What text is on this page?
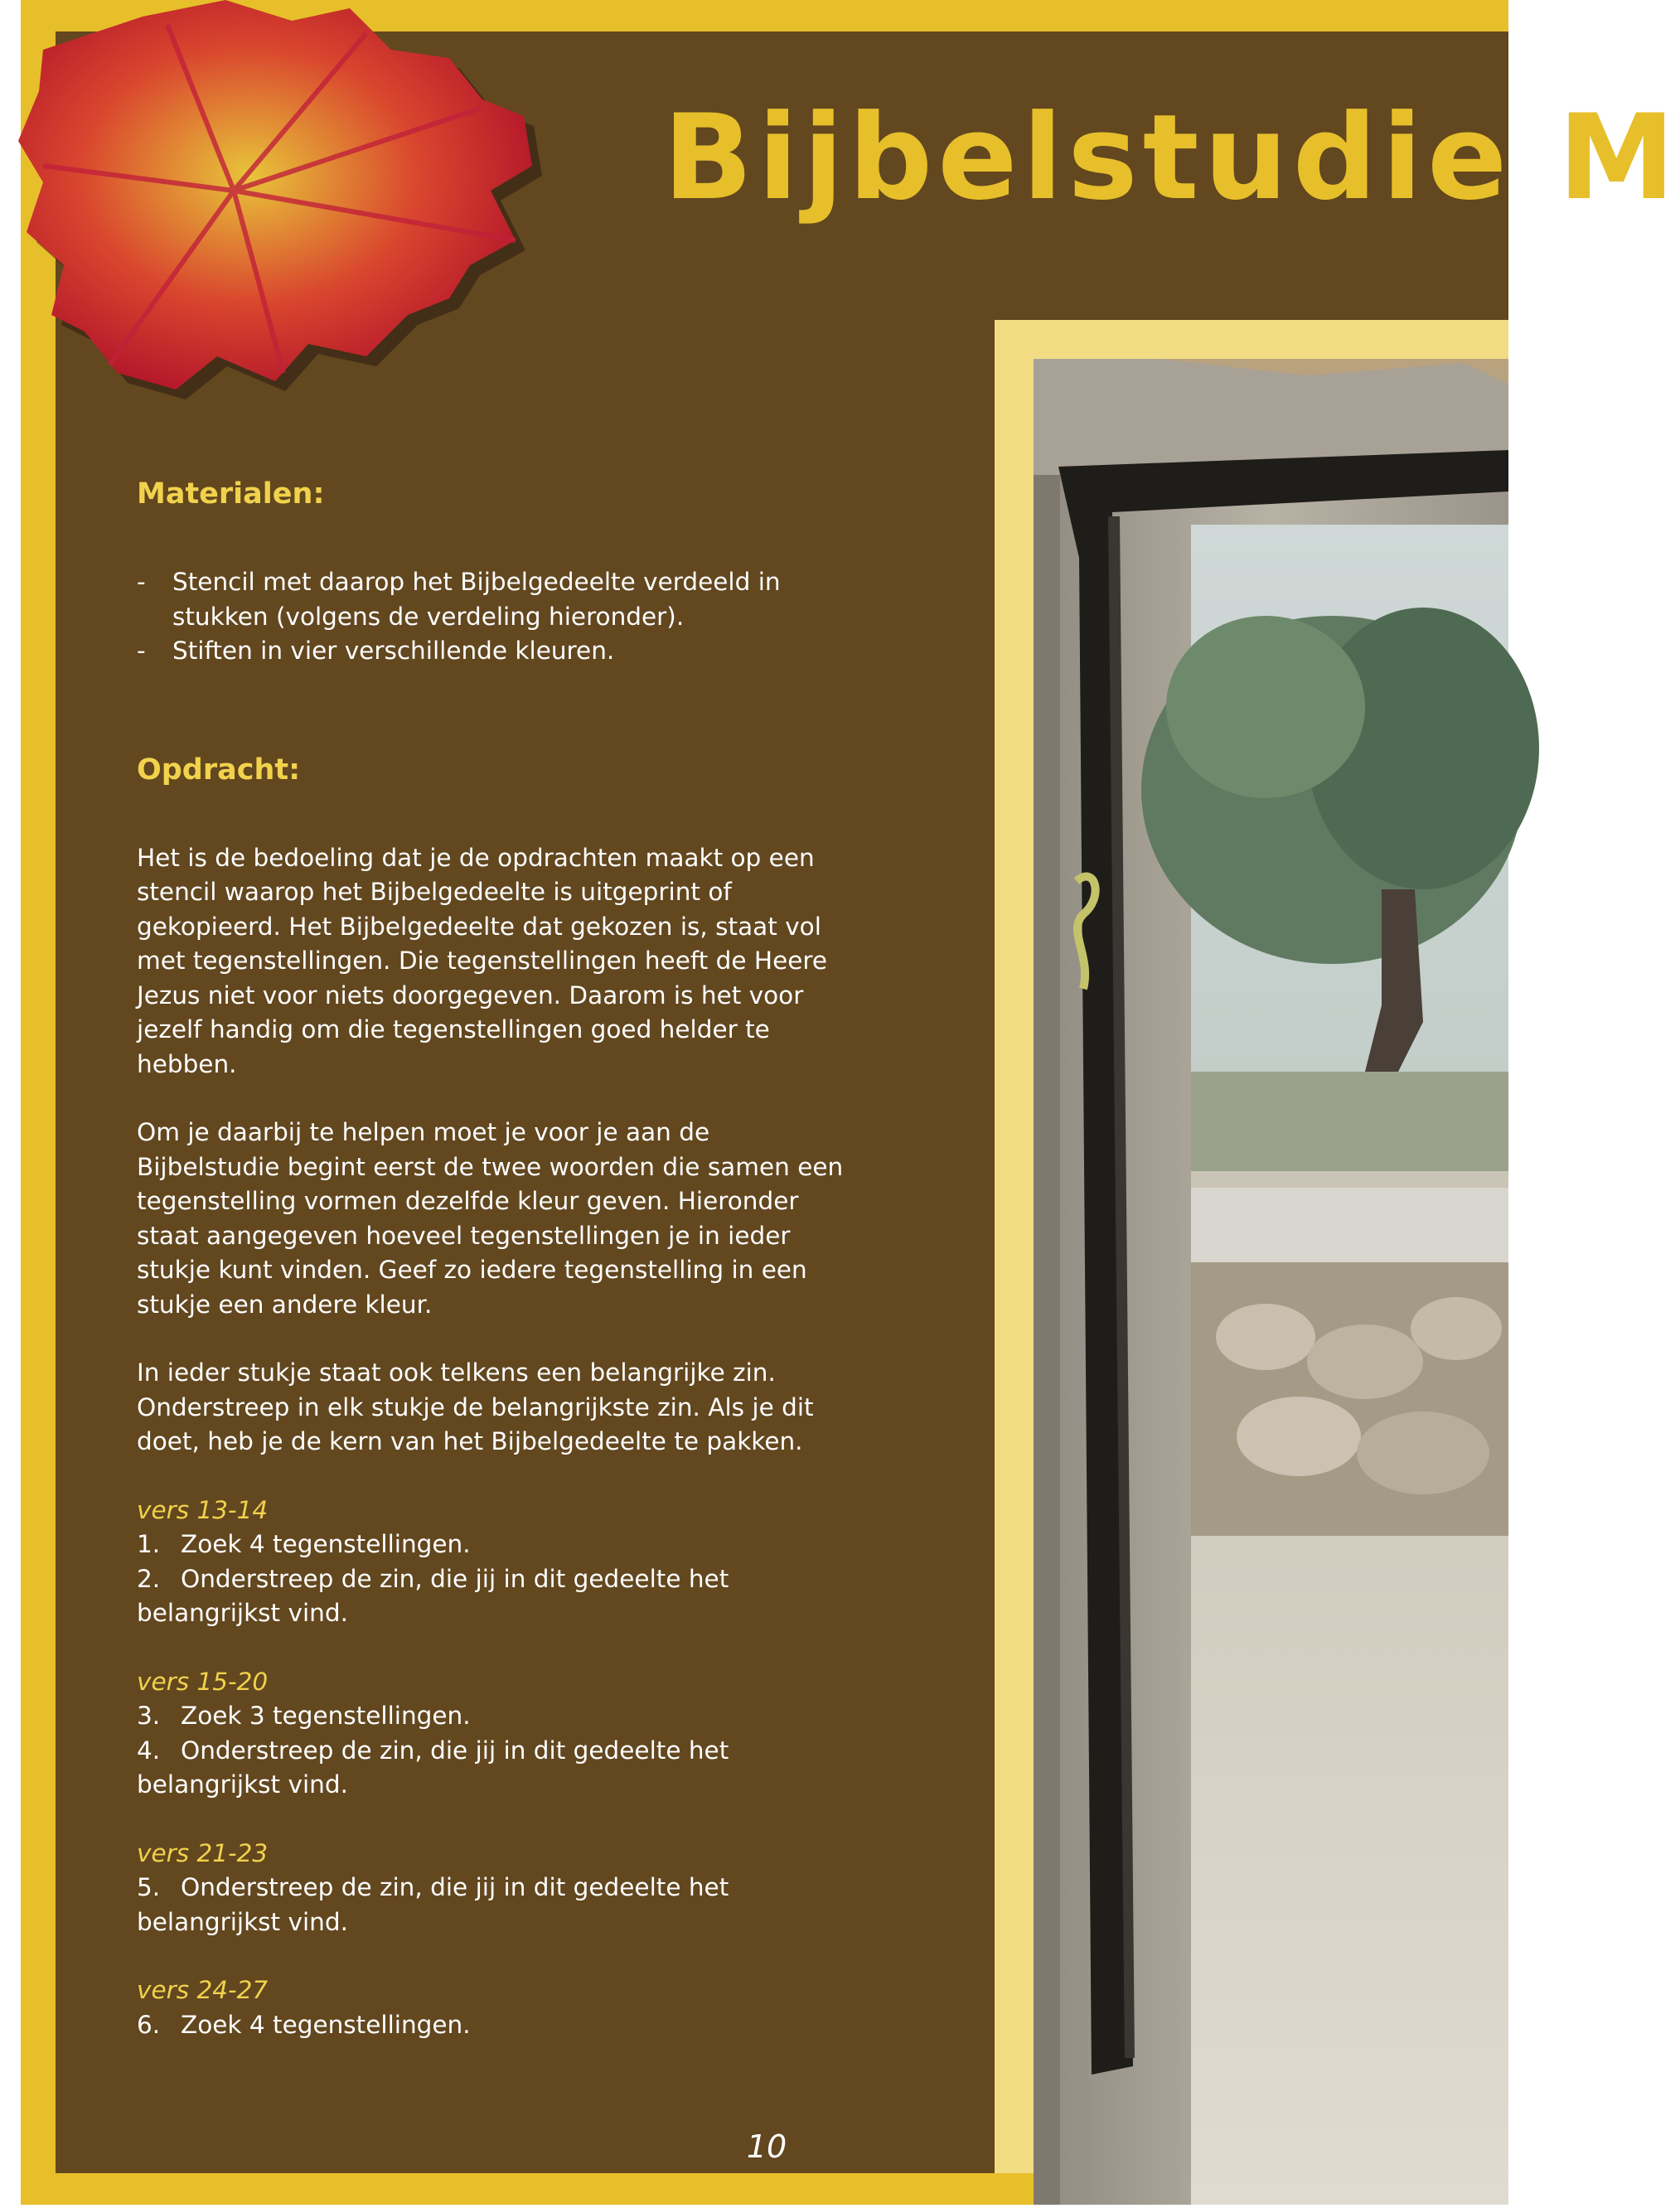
Bijbelstudie M
Materialen:
- Stencil met daarop het Bijbelgedeelte verdeeld in stukken (volgens de verdeling hieronder).
- Stiften in vier verschillende kleuren.
Opdracht:

Het is de bedoeling dat je de opdrachten maakt op een stencil waarop het Bijbelgedeelte is uitgeprint of gekopieerd. Het Bijbelgedeelte dat gekozen is, staat vol met tegenstellingen. Die tegenstellingen heeft de Heere Jezus niet voor niets doorgegeven. Daarom is het voor jezelf handig om die tegenstellingen goed helder te hebben.

Om je daarbij te helpen moet je voor je aan de Bijbelstudie begint eerst de twee woorden die samen een tegenstelling vormen dezelfde kleur geven. Hieronder staat aangegeven hoeveel tegenstellingen je in ieder stukje kunt vinden. Geef zo iedere tegenstelling in een stukje een andere kleur.

In ieder stukje staat ook telkens een belangrijke zin. Onderstreep in elk stukje de belangrijkste zin. Als je dit doet, heb je de kern van het Bijbelgedeelte te pakken.

vers 13-14

1. Zoek 4 tegenstellingen.

2. Onderstreep de zin, die jij in dit gedeelte het belangrijkst vind.

vers 15-20

3. Zoek 3 tegenstellingen.

4. Onderstreep de zin, die jij in dit gedeelte het belangrijkst vind.

vers 21-23

5. Onderstreep de zin, die jij in dit gedeelte het belangrijkst vind.

vers 24-27

6. Zoek 4 tegenstellingen.

10
